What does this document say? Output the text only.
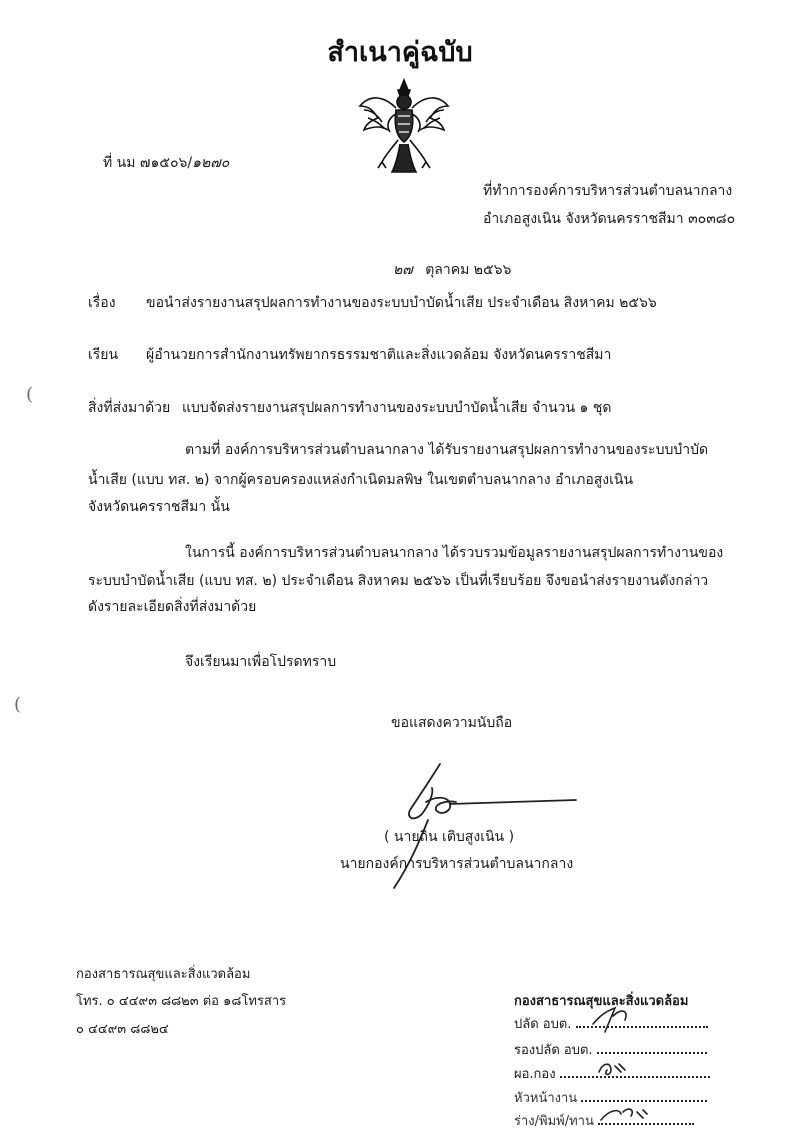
สำเนาคู่ฉบับ
ที่ นม ๗๑๕๐๖/๑๒๗๐
ที่ทำการองค์การบริหารส่วนตำบลนากลาง
อำเภอสูงเนิน จังหวัดนครราชสีมา ๓๐๓๘๐
๒๗ ตุลาคม ๒๕๖๖
เรื่อง ขอนำส่งรายงานสรุปผลการทำงานของระบบบำบัดน้ำเสีย ประจำเดือน สิงหาคม ๒๕๖๖
เรียน ผู้อำนวยการสำนักงานทรัพยากรธรรมชาติและสิ่งแวดล้อม จังหวัดนครราชสีมา
สิ่งที่ส่งมาด้วย แบบจัดส่งรายงานสรุปผลการทำงานของระบบบำบัดน้ำเสีย จำนวน ๑ ชุด
(
(
ตามที่ องค์การบริหารส่วนตำบลนากลาง ได้รับรายงานสรุปผลการทำงานของระบบบำบัด
น้ำเสีย (แบบ ทส. ๒) จากผู้ครอบครองแหล่งกำเนิดมลพิษ ในเขตตำบลนากลาง อำเภอสูงเนิน
จังหวัดนครราชสีมา นั้น
ในการนี้ องค์การบริหารส่วนตำบลนากลาง ได้รวบรวมข้อมูลรายงานสรุปผลการทำงานของ
ระบบบำบัดน้ำเสีย (แบบ ทส. ๒) ประจำเดือน สิงหาคม ๒๕๖๖ เป็นที่เรียบร้อย จึงขอนำส่งรายงานดังกล่าว
ดังรายละเอียดสิ่งที่ส่งมาด้วย
จึงเรียนมาเพื่อโปรดทราบ
ขอแสดงความนับถือ
( นายถิน เติบสูงเนิน )
นายกองค์การบริหารส่วนตำบลนากลาง
กองสาธารณสุขและสิ่งแวดล้อม
โทร. ๐ ๔๔๙๓ ๘๘๒๓ ต่อ ๑๘โทรสาร
๐ ๔๔๙๓ ๘๘๒๔
กองสาธารณสุขและสิ่งแวดล้อม
ปลัด อบต.
รองปลัด อบต.
ผอ.กอง
หัวหน้างาน
ร่าง/พิมพ์/ทาน
